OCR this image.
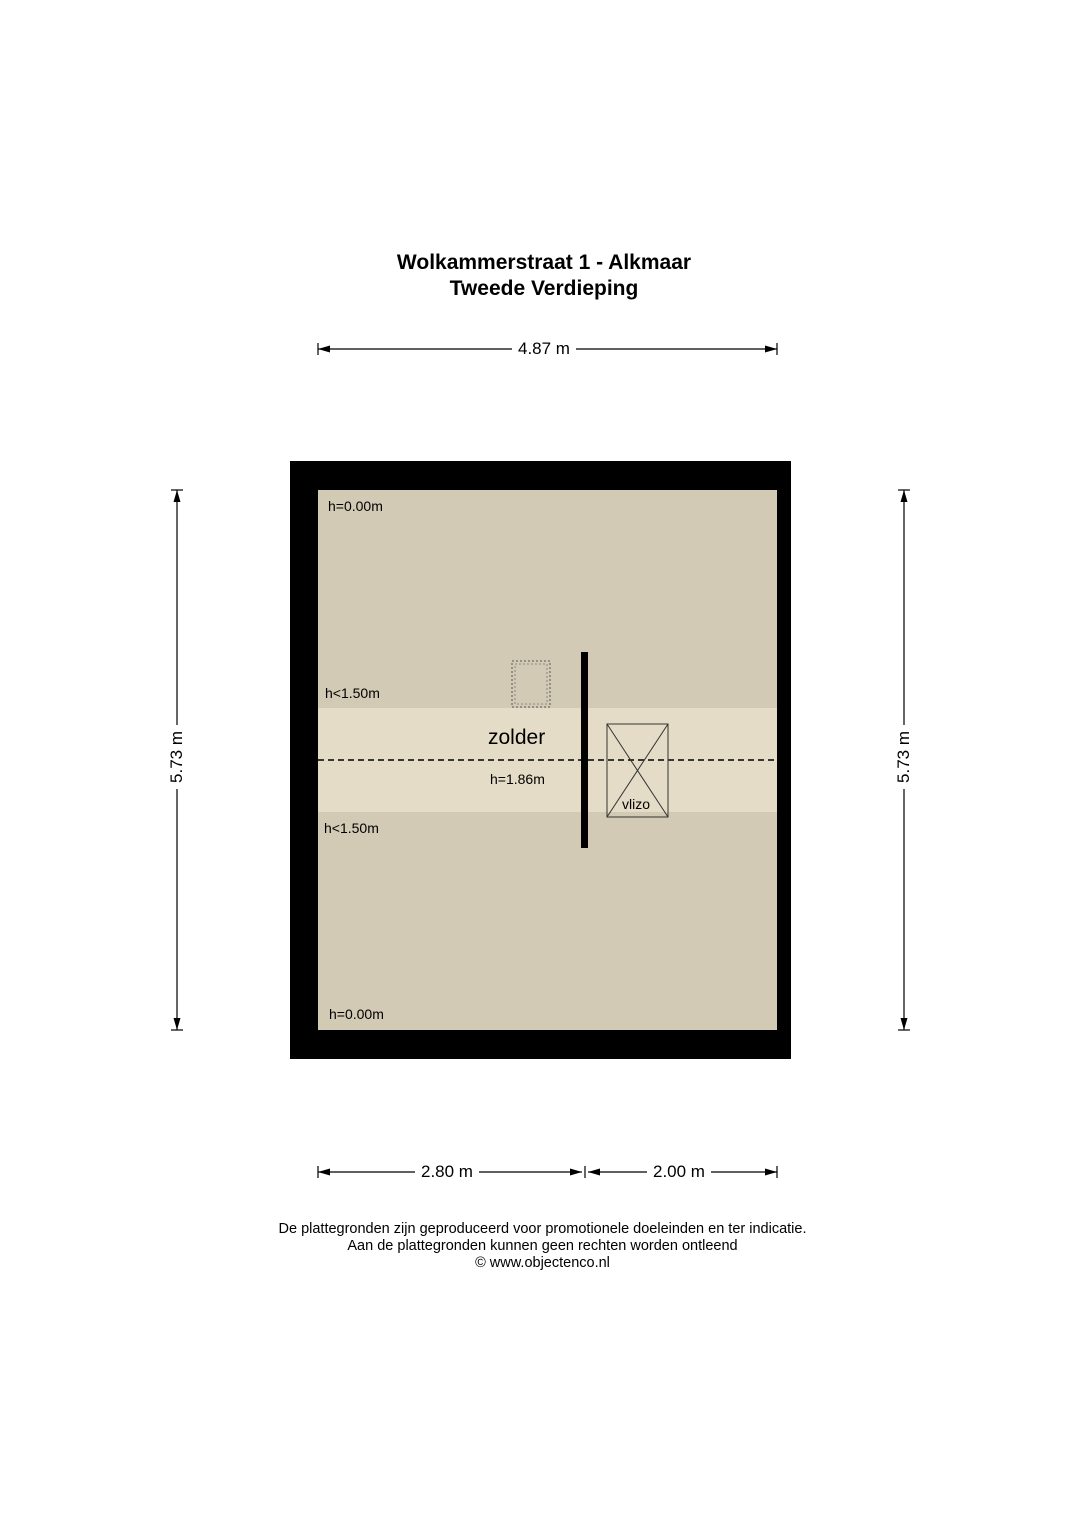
Wolkammerstraat 1 - Alkmaar
Tweede Verdieping
4.87 m
5.73 m	5.73 m
2.80 m	2.00 m
h=0.00m
h<1.50m
zolder
h=1.86m
h<1.50m
h=0.00m
vlizo
De plattegronden zijn geproduceerd voor promotionele doeleinden en ter indicatie.
Aan de plattegronden kunnen geen rechten worden ontleend
© www.objectenco.nl
